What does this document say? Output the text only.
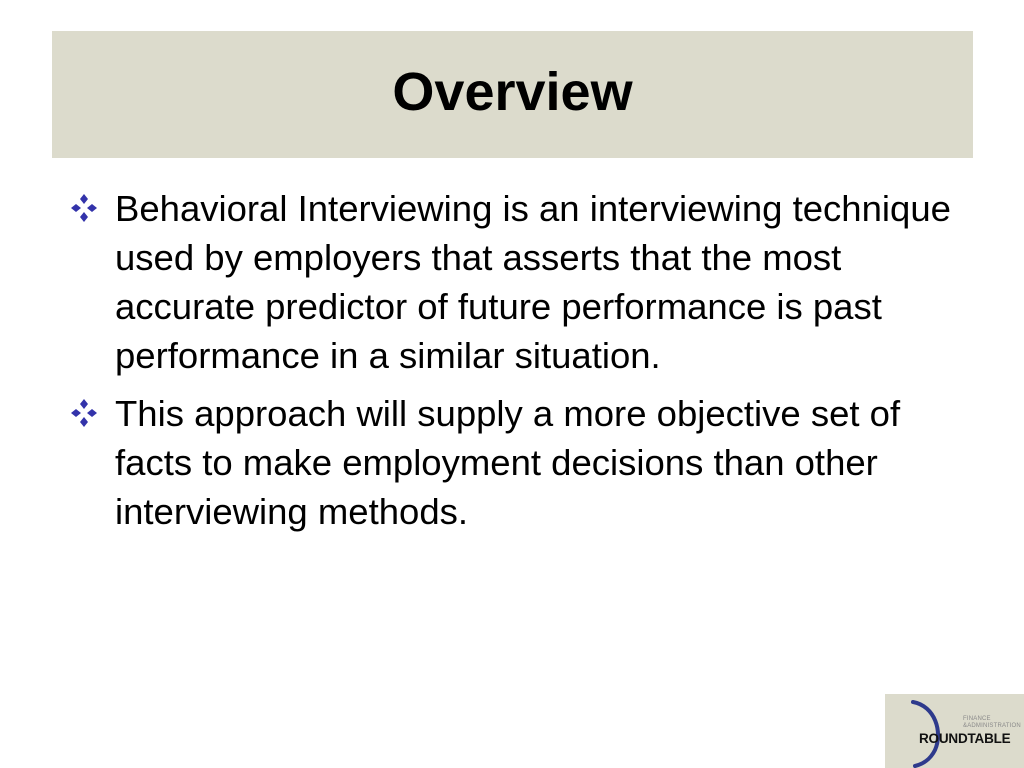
Overview
Behavioral Interviewing is an interviewing technique used by employers that asserts that the most accurate predictor of future performance is past performance in a similar situation.
This approach will supply a more objective set of facts to make employment decisions than other interviewing methods.
FINANCE
&ADMINISTRATION
ROUNDTABLE
